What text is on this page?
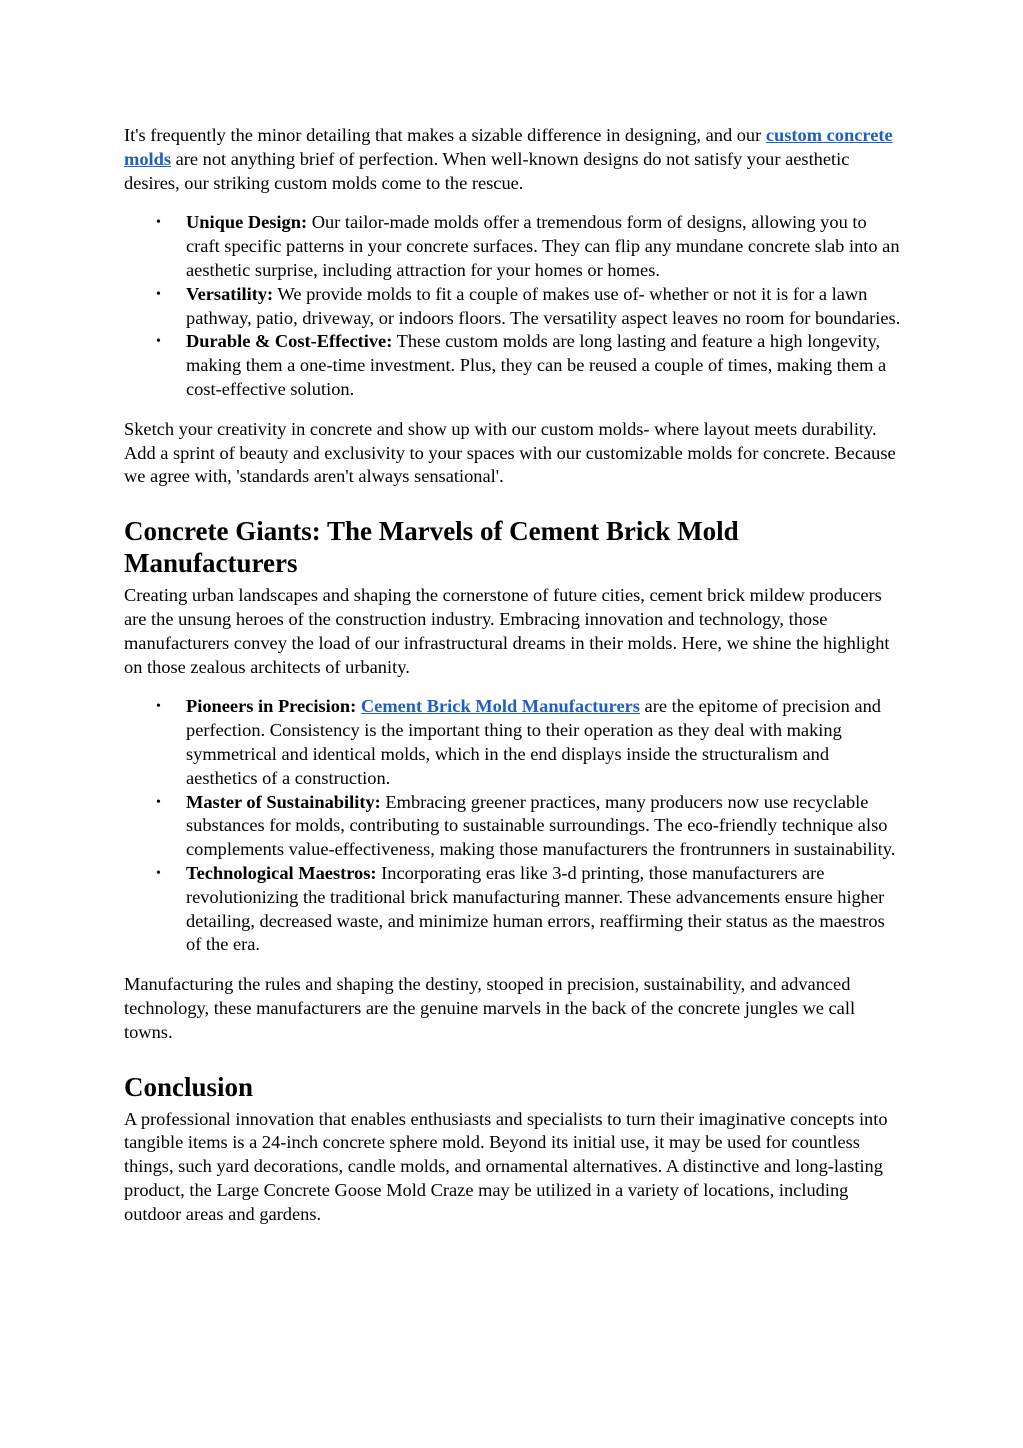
It's frequently the minor detailing that makes a sizable difference in designing, and our custom concrete molds are not anything brief of perfection. When well-known designs do not satisfy your aesthetic desires, our striking custom molds come to the rescue.

• Unique Design: Our tailor-made molds offer a tremendous form of designs, allowing you to craft specific patterns in your concrete surfaces. They can flip any mundane concrete slab into an aesthetic surprise, including attraction for your homes or homes.
• Versatility: We provide molds to fit a couple of makes use of- whether or not it is for a lawn pathway, patio, driveway, or indoors floors. The versatility aspect leaves no room for boundaries.
• Durable & Cost-Effective: These custom molds are long lasting and feature a high longevity, making them a one-time investment. Plus, they can be reused a couple of times, making them a cost-effective solution.

Sketch your creativity in concrete and show up with our custom molds- where layout meets durability. Add a sprint of beauty and exclusivity to your spaces with our customizable molds for concrete. Because we agree with, 'standards aren't always sensational'.

Concrete Giants: The Marvels of Cement Brick Mold Manufacturers

Creating urban landscapes and shaping the cornerstone of future cities, cement brick mildew producers are the unsung heroes of the construction industry. Embracing innovation and technology, those manufacturers convey the load of our infrastructural dreams in their molds. Here, we shine the highlight on those zealous architects of urbanity.

• Pioneers in Precision: Cement Brick Mold Manufacturers are the epitome of precision and perfection. Consistency is the important thing to their operation as they deal with making symmetrical and identical molds, which in the end displays inside the structuralism and aesthetics of a construction.
• Master of Sustainability: Embracing greener practices, many producers now use recyclable substances for molds, contributing to sustainable surroundings. The eco-friendly technique also complements value-effectiveness, making those manufacturers the frontrunners in sustainability.
• Technological Maestros: Incorporating eras like 3-d printing, those manufacturers are revolutionizing the traditional brick manufacturing manner. These advancements ensure higher detailing, decreased waste, and minimize human errors, reaffirming their status as the maestros of the era.

Manufacturing the rules and shaping the destiny, stooped in precision, sustainability, and advanced technology, these manufacturers are the genuine marvels in the back of the concrete jungles we call towns.

Conclusion

A professional innovation that enables enthusiasts and specialists to turn their imaginative concepts into tangible items is a 24-inch concrete sphere mold. Beyond its initial use, it may be used for countless things, such yard decorations, candle molds, and ornamental alternatives. A distinctive and long-lasting product, the Large Concrete Goose Mold Craze may be utilized in a variety of locations, including outdoor areas and gardens.
